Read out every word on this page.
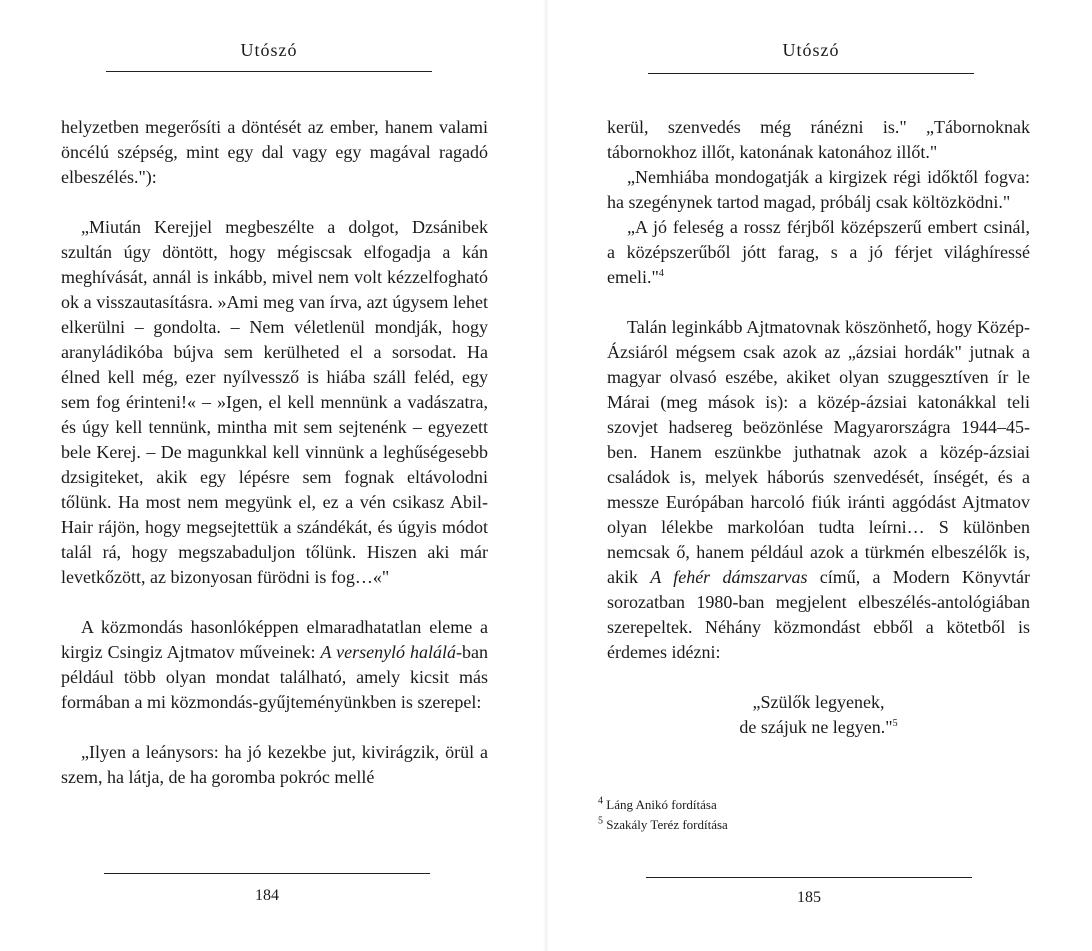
Utószó

helyzetben megerősíti a döntését az ember, hanem valami öncélú szépség, mint egy dal vagy egy magával ragadó elbeszélés."):

„Miután Kerejjel megbeszélte a dolgot, Dzsánibek szultán úgy döntött, hogy mégiscsak elfogadja a kán meghívását, annál is inkább, mivel nem volt kézzelfogható ok a visszautasításra. »Ami meg van írva, azt úgysem lehet elkerülni – gondolta. – Nem véletlenül mondják, hogy aranyládikóba bújva sem kerülheted el a sorsodat. Ha élned kell még, ezer nyílvessző is hiába száll feléd, egy sem fog érinteni!« – »Igen, el kell mennünk a vadászatra, és úgy kell tennünk, mintha mit sem sejtenénk – egyezett bele Kerej. – De magunkkal kell vinnünk a leghűségesebb dzsigiteket, akik egy lépésre sem fognak eltávolodni tőlünk. Ha most nem megyünk el, ez a vén csikasz Abil-Hair rájön, hogy megsejtettük a szándékát, és úgyis módot talál rá, hogy megszabaduljon tőlünk. Hiszen aki már levetkőzött, az bizonyosan fürödni is fog…«"

A közmondás hasonlóképpen elmaradhatatlan eleme a kirgiz Csingiz Ajtmatov műveinek: A versenyló halálá-ban például több olyan mondat található, amely kicsit más formában a mi közmondás-gyűjteményünkben is szerepel:

„Ilyen a leánysors: ha jó kezekbe jut, kivirágzik, örül a szem, ha látja, de ha goromba pokróc mellé

184
Utószó

kerül, szenvedés még ránézni is." „Tábornoknak tábornokhoz illőt, katonának katonához illőt."

„Nemhiába mondogatják a kirgizek régi időktől fogva: ha szegénynek tartod magad, próbálj csak költözködni."

„A jó feleség a rossz férjből középszerű embert csinál, a középszerűből jótt farag, s a jó férjet világhíressé emeli."$^4$

Talán leginkább Ajtmatovnak köszönhető, hogy Közép-Ázsiáról mégsem csak azok az „ázsiai hordák" jutnak a magyar olvasó eszébe, akiket olyan szuggesztíven ír le Márai (meg mások is): a közép-ázsiai katonákkal teli szovjet hadsereg beözönlése Magyarországra 1944–45-ben. Hanem eszünkbe juthatnak azok a közép-ázsiai családok is, melyek háborús szenvedését, ínségét, és a messze Európában harcoló fiúk iránti aggódást Ajtmatov olyan lélekbe markolóan tudta leírni… S különben nemcsak ő, hanem például azok a türkmén elbeszélők is, akik A fehér dámszarvas című, a Modern Könyvtár sorozatban 1980-ban megjelent elbeszélés-antológiában szerepeltek. Néhány közmondást ebből a kötetből is érdemes idézni:

„Szülők legyenek,

de szájuk ne legyen."$^5$

$^4$ Láng Anikó fordítása

$^5$ Szakály Teréz fordítása

185
